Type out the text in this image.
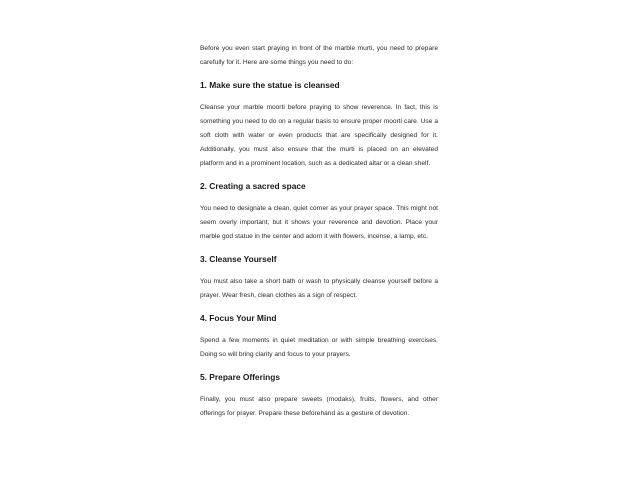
Before you even start praying in front of the marble murti, you need to prepare carefully for it. Here are some things you need to do:

1. Make sure the statue is cleansed

Cleanse your marble moorti before praying to show reverence. In fact, this is something you need to do on a regular basis to ensure proper moorti care. Use a soft cloth with water or even products that are specifically designed for it. Additionally, you must also ensure that the murti is placed on an elevated platform and in a prominent location, such as a dedicated altar or a clean shelf.

2. Creating a sacred space

You need to designate a clean, quiet corner as your prayer space. This might not seem overly important, but it shows your reverence and devotion. Place your marble god statue in the center and adorn it with flowers, incense, a lamp, etc.

3. Cleanse Yourself

You must also take a short bath or wash to physically cleanse yourself before a prayer. Wear fresh, clean clothes as a sign of respect.

4. Focus Your Mind

Spend a few moments in quiet meditation or with simple breathing exercises. Doing so will bring clarity and focus to your prayers.

5. Prepare Offerings

Finally, you must also prepare sweets (modaks), fruits, flowers, and other offerings for prayer. Prepare these beforehand as a gesture of devotion.
